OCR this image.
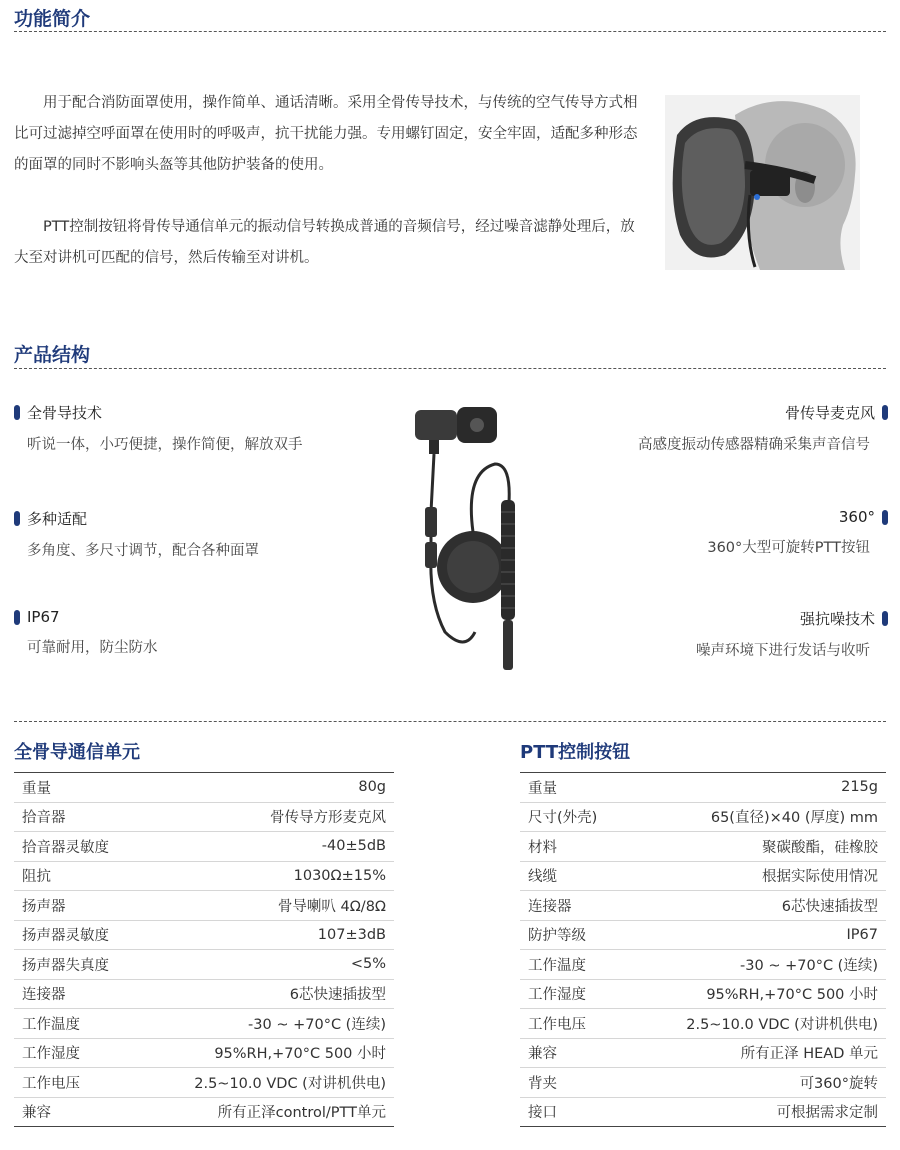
功能简介

用于配合消防面罩使用，操作简单、通话清晰。采用全骨传导技术，与传统的空气传导方式相比可过滤掉空呼面罩在使用时的呼吸声，抗干扰能力强。专用螺钉固定，安全牢固，适配多种形态的面罩的同时不影响头盔等其他防护装备的使用。

PTT控制按钮将骨传导通信单元的振动信号转换成普通的音频信号，经过噪音滤静处理后，放大至对讲机可匹配的信号，然后传输至对讲机。

产品结构
全骨导技术
听说一体，小巧便捷，操作简便，解放双手
多种适配
多角度、多尺寸调节，配合各种面罩
IP67
可靠耐用，防尘防水
骨传导麦克风
高感度振动传感器精确采集声音信号
360°
360°大型可旋转PTT按钮
强抗噪技术
噪声环境下进行发话与收听
全骨导通信单元
重量	80g
拾音器	骨传导方形麦克风
拾音器灵敏度	-40±5dB
阻抗	1030Ω±15%
扬声器	骨导喇叭 4Ω/8Ω
扬声器灵敏度	107±3dB
扬声器失真度	<5%
连接器	6芯快速插拔型
工作温度	-30 ~ +70°C (连续)
工作湿度	95%RH,+70°C 500 小时
工作电压	2.5~10.0 VDC (对讲机供电)
兼容	所有正泽control/PTT单元
PTT控制按钮
重量	215g
尺寸(外壳)	65(直径)×40 (厚度) mm
材料	聚碳酸酯，硅橡胶
线缆	根据实际使用情况
连接器	6芯快速插拔型
防护等级	IP67
工作温度	-30 ~ +70°C (连续)
工作湿度	95%RH,+70°C 500 小时
工作电压	2.5~10.0 VDC (对讲机供电)
兼容	所有正泽 HEAD 单元
背夹	可360°旋转
接口	可根据需求定制
